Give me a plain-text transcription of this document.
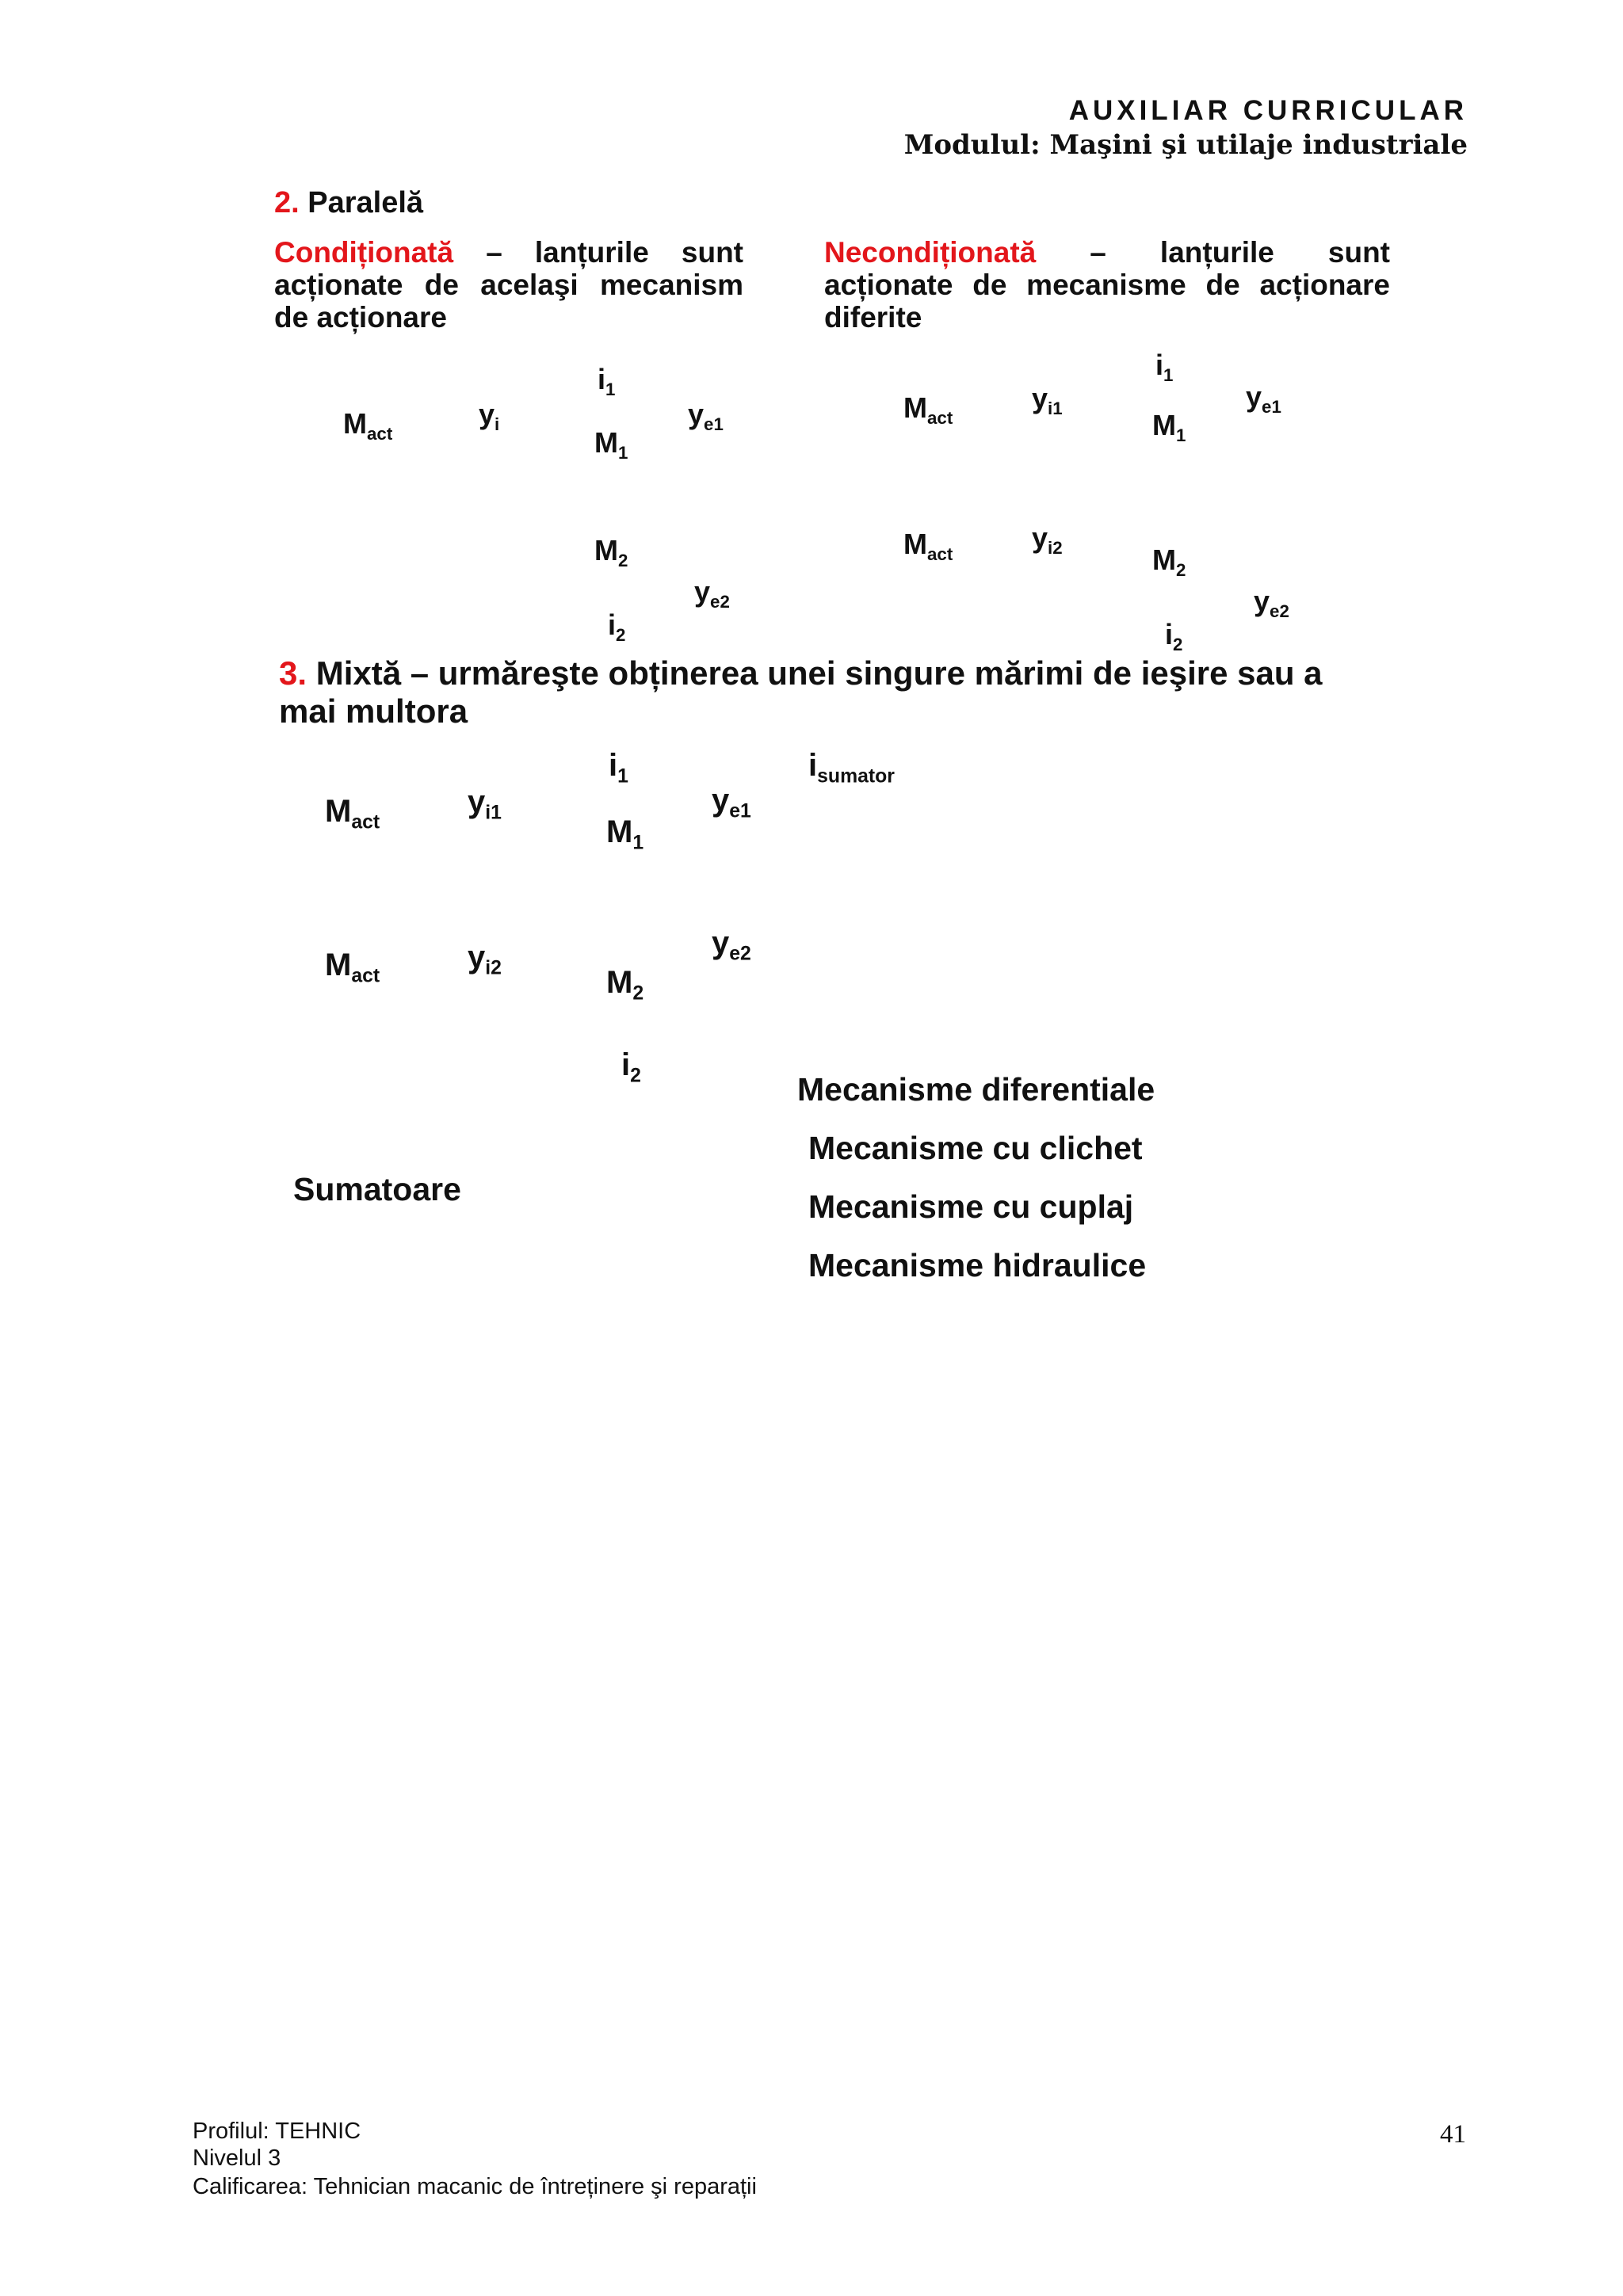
AUXILIAR CURRICULAR
Modulul: Maşini şi utilaje industriale
2. Paralelă
Condiționată – lanțurile sunt
acționate de acelaşi mecanism
de acționare
Necondiționată – lanțurile sunt
acționate de mecanisme de acționare
diferite
$i_1$
$M_{act}$
$y_i$	$y_{e1}$
$M_1$
$M_2$
$y_{e2}$
$i_2$
$i_1$
$M_{act}$
$y_{i1}$	$y_{e1}$
$M_1$
$M_{act}$
$y_{i2}$	$M_2$
$y_{e2}$
$i_2$
3. Mixtă – urmăreşte obținerea unei singure mărimi de ieşire sau a
mai multora
$i_1$	$i_{sumator}$
$M_{act}$
$y_{i1}$	$y_{e1}$
$M_1$
$y_{e2}$
$M_{act}$
$y_{i2}$	$M_2$
$i_2$
Sumatoare
Mecanisme diferentiale
Mecanisme cu clichet
Mecanisme cu cuplaj
Mecanisme hidraulice
Profilul: TEHNIC
Nivelul 3
Calificarea: Tehnician macanic de întreținere şi reparații
41
